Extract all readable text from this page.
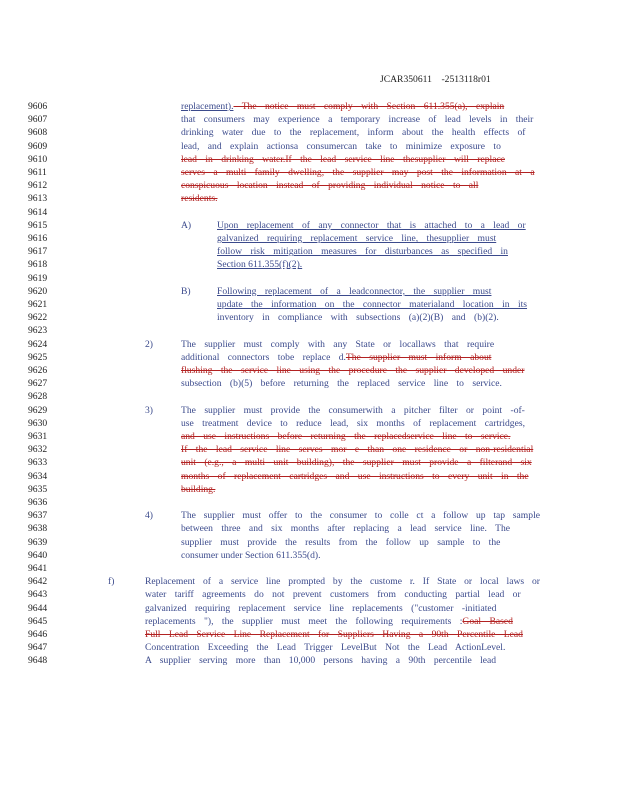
JCAR350611 -2513118r01
9606	replacement). The notice must comply with Section 611.355(a), explain
9607	that consumers may experience a temporary increase of lead levels in their
9608	drinking water due to the replacement, inform about the health effects of
9609	lead, and explain actionsa consumercan take to minimize exposure to
9610	lead in drinking water.If the lead service line thesupplier will replace
9611	serves a multi family dwelling, the supplier may post the information at a
9612	conspicuous location instead of providing individual notice to all
9613	residents.
9614
9615	A)	Upon replacement of any connector that is attached to a lead or
9616	galvanized requiring replacement service line, thesupplier must
9617	follow risk mitigation measures for disturbances as specified in
9618	Section 611.355(f)(2).
9619
9620	B)	Following replacement of a leadconnector, the supplier must
9621	update the information on the connector materialand location in its
9622	inventory in compliance with subsections (a)(2)(B) and (b)(2).
9623
9624	2)	The supplier must comply with any State or locallaws that require
9625	additional connectors tobe replace d.The supplier must inform about
9626	flushing the service line using the procedure the supplier developed under
9627	subsection (b)(5) before returning the replaced service line to service.
9628
9629	3)	The supplier must provide the consumerwith a pitcher filter or point -of-
9630	use treatment device to reduce lead, six months of replacement cartridges,
9631	and use instructions before returning the replacedservice line to service.
9632	If the lead service line serves mor e than one residence or non-residential
9633	unit (e.g., a multi unit building), the supplier must provide a filterand six
9634	months of replacement cartridges and use instructions to every unit in the
9635	building.
9636
9637	4)	The supplier must offer to the consumer to colle ct a follow up tap sample
9638	between three and six months after replacing a lead service line. The
9639	supplier must provide the results from the follow up sample to the
9640	consumer under Section 611.355(d).
9641
9642	f)	Replacement of a service line prompted by the custome r. If State or local laws or
9643	water tariff agreements do not prevent customers from conducting partial lead or
9644	galvanized requiring replacement service line replacements ("customer -initiated
9645	replacements "), the supplier must meet the following requirements :Goal Based
9646	Full Lead Service Line Replacement for Suppliers Having a 90th Percentile Lead
9647	Concentration Exceeding the Lead Trigger LevelBut Not the Lead ActionLevel.
9648	A supplier serving more than 10,000 persons having a 90th percentile lead
